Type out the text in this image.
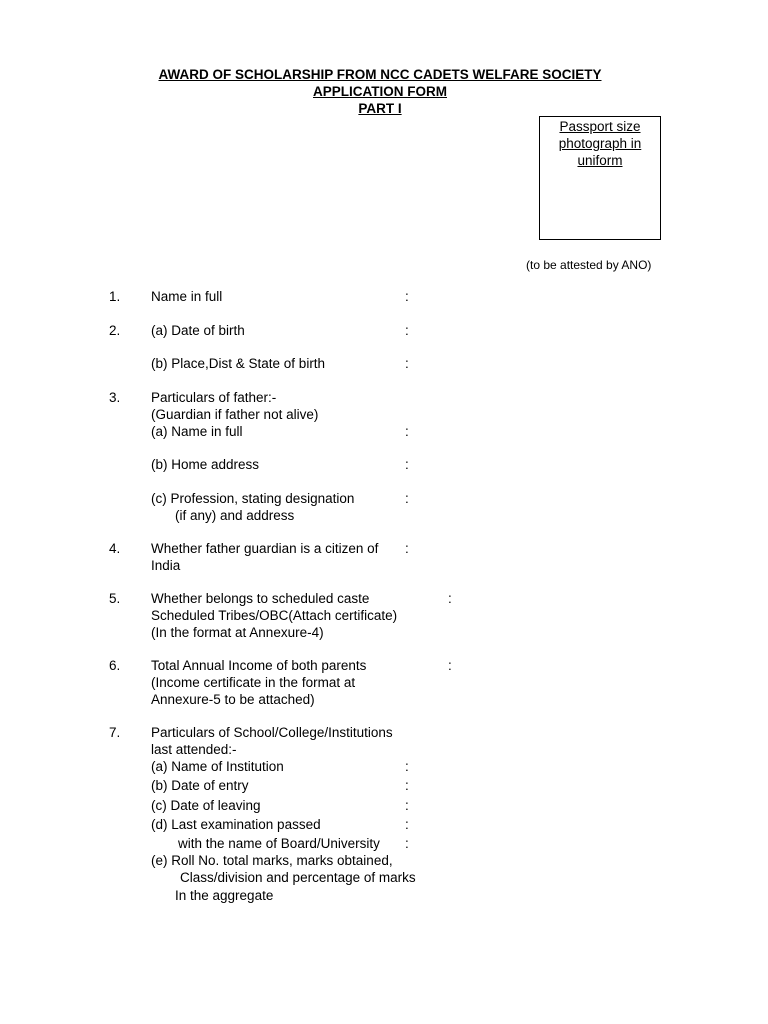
AWARD OF SCHOLARSHIP FROM NCC CADETS WELFARE SOCIETY
APPLICATION FORM
PART I
Passport size photograph in uniform
(to be attested by ANO)
1. Name in full	:
2. (a) Date of birth	:
(b) Place,Dist & State of birth	:
3. Particulars of father:-
(Guardian if father not alive)
(a) Name in full	:
(b) Home address	:
(c) Profession, stating designation	:
(if any) and address
4. Whether father guardian is a citizen of :
India
5. Whether belongs to scheduled caste	:
Scheduled Tribes/OBC(Attach certificate)
(In the format at Annexure-4)
6. Total Annual Income of both parents	:
(Income certificate in the format at
Annexure-5 to be attached)
7. Particulars of School/College/Institutions
last attended:-
(a) Name of Institution	:
(b) Date of entry	:
(c) Date of leaving	:
(d) Last examination passed	:
with the name of Board/University :
(e) Roll No. total marks, marks obtained,
Class/division and percentage of marks
In the aggregate
